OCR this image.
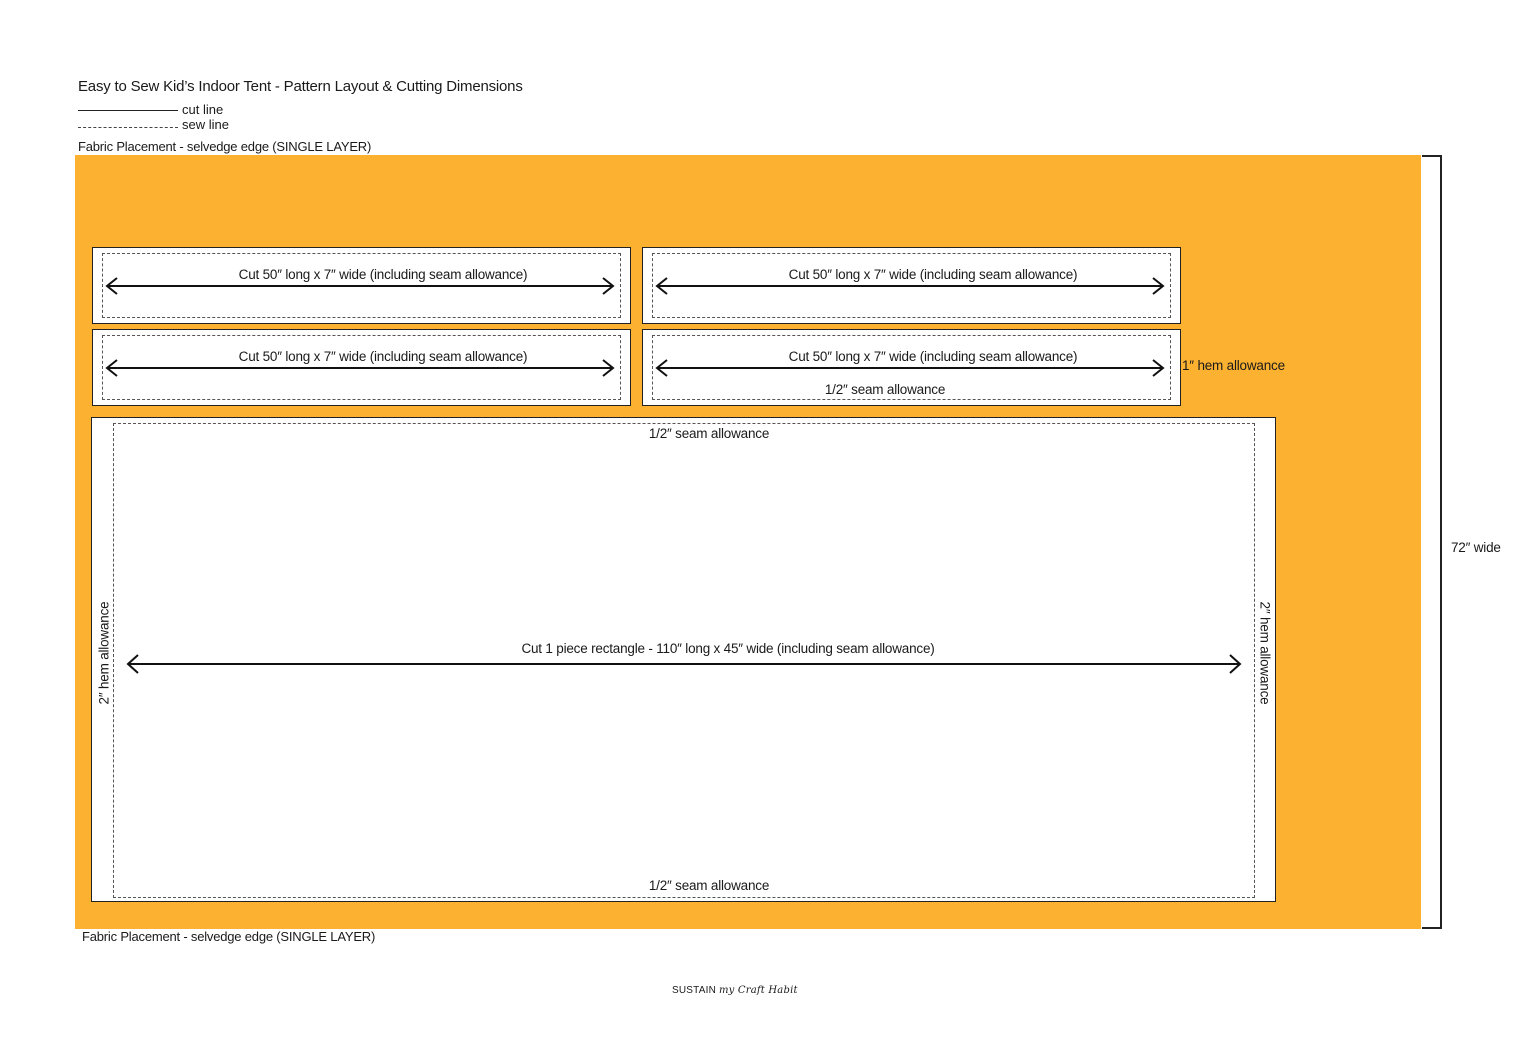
Easy to Sew Kid’s Indoor Tent - Pattern Layout & Cutting Dimensions
cut line
sew line
Fabric Placement - selvedge edge (SINGLE LAYER)
Cut 50″ long x 7″ wide (including seam allowance)	Cut 50″ long x 7″ wide (including seam allowance)
Cut 50″ long x 7″ wide (including seam allowance)	Cut 50″ long x 7″ wide (including seam allowance)
1/2″ seam allowance
1″ hem allowance
1/2″ seam allowance
1/2″ seam allowance
Cut 1 piece rectangle - 110″ long x 45″ wide (including seam allowance)
2″ hem allowance	2″ hem allowance
Fabric Placement - selvedge edge (SINGLE LAYER)
72″ wide
SUSTAIN my Craft Habit
